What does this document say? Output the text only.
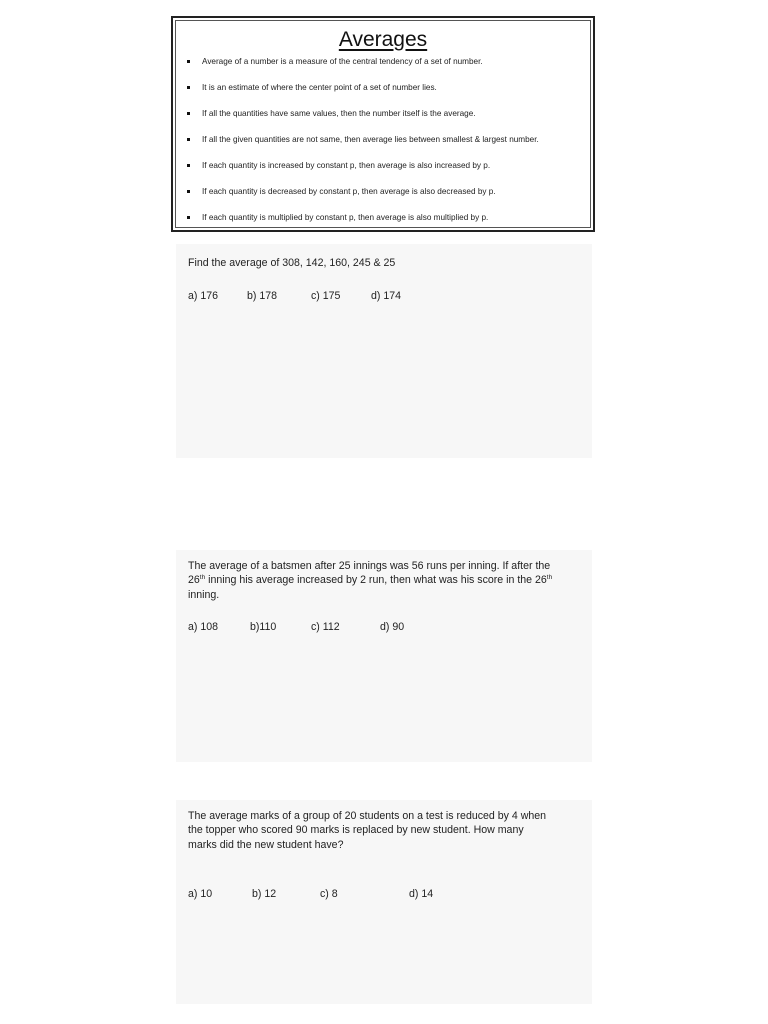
Averages
Average of a number is a measure of the central tendency of a set of number.
It is an estimate of where the center point of a set of number lies.
If all the quantities have same values, then the number itself is the average.
If all the given quantities are not same, then average lies between smallest & largest number.
If each quantity is increased by constant p, then average is also increased by p.
If each quantity is decreased by constant p, then average is also decreased by p.
If each quantity is multiplied by constant p, then average is also multiplied by p.
Find the average of 308, 142, 160, 245 & 25
a) 176	b) 178	c) 175	d) 174
The average of a batsmen after 25 innings was 56 runs per inning. If after the
26th inning his average increased by 2 run, then what was his score in the 26th
inning.
a) 108	b)110	c) 112	d) 90
The average marks of a group of 20 students on a test is reduced by 4 when
the topper who scored 90 marks is replaced by new student. How many
marks did the new student have?
a) 10	b) 12	c) 8	d) 14
